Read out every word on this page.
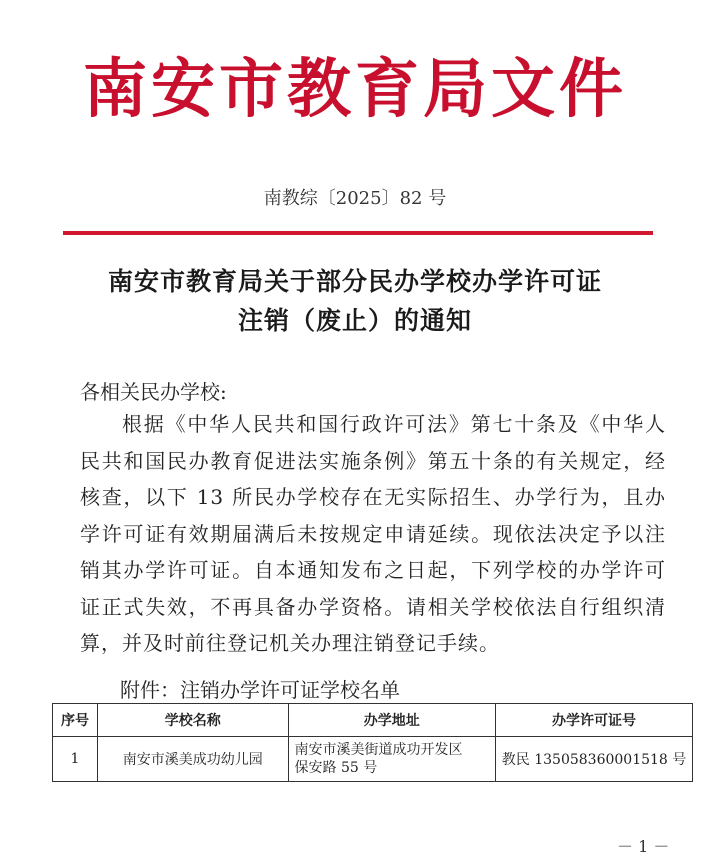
南安市教育局文件
南教综〔2025〕82 号
南安市教育局关于部分民办学校办学许可证
注销（废止）的通知
各相关民办学校:
根据《中华人民共和国行政许可法》第七十条及《中华人民共和国民办教育促进法实施条例》第五十条的有关规定，经核查，以下 13 所民办学校存在无实际招生、办学行为，且办学许可证有效期届满后未按规定申请延续。现依法决定予以注销其办学许可证。自本通知发布之日起，下列学校的办学许可证正式失效，不再具备办学资格。请相关学校依法自行组织清算，并及时前往登记机关办理注销登记手续。
附件：注销办学许可证学校名单
序号	学校名称	办学地址	办学许可证号
1	南安市溪美成功幼儿园	南安市溪美街道成功开发区
保安路 55 号	教民 135058360001518 号
－ 1 －
